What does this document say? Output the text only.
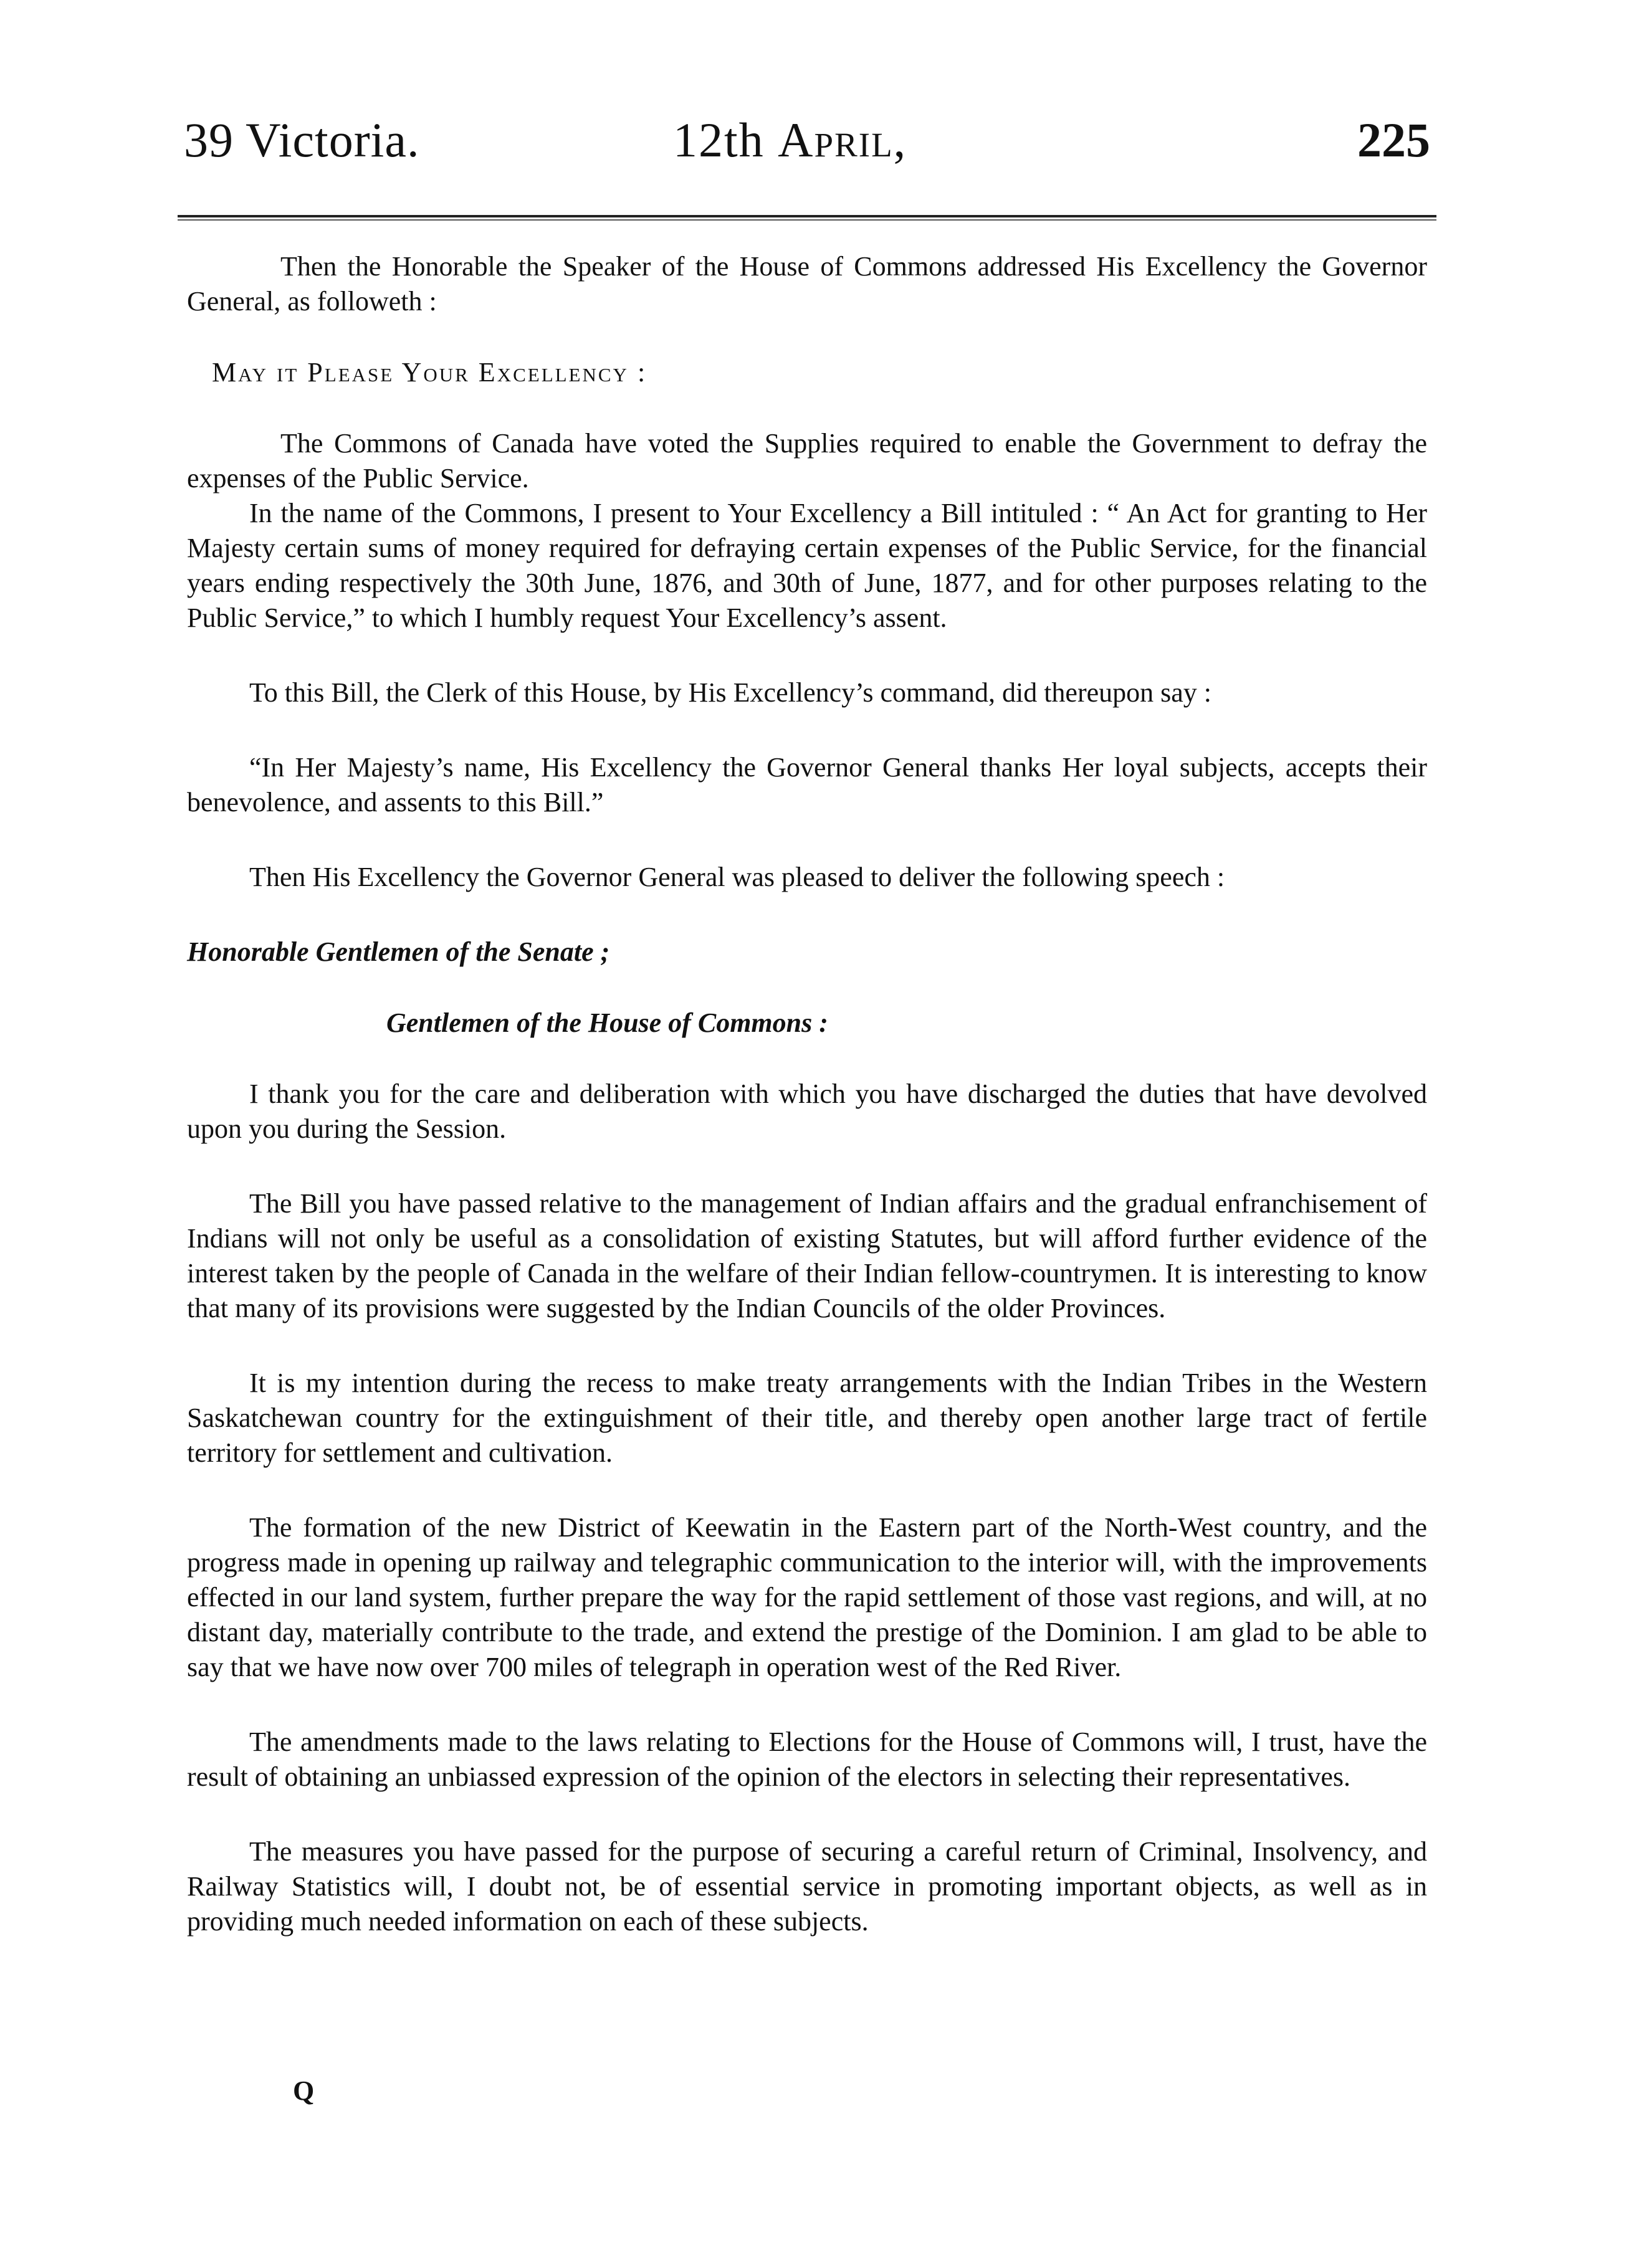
39 Victoria.	12th April,	225

Then the Honorable the Speaker of the House of Commons addressed His Excellency the Governor General, as followeth :

May it Please Your Excellency :

The Commons of Canada have voted the Supplies required to enable the Government to defray the expenses of the Public Service.

In the name of the Commons, I present to Your Excellency a Bill intituled : “ An Act for granting to Her Majesty certain sums of money required for defraying certain expenses of the Public Service, for the financial years ending respectively the 30th June, 1876, and 30th of June, 1877, and for other purposes relating to the Public Service,” to which I humbly request Your Excellency’s assent.

To this Bill, the Clerk of this House, by His Excellency’s command, did thereupon say :

“In Her Majesty’s name, His Excellency the Governor General thanks Her loyal subjects, accepts their benevolence, and assents to this Bill.”

Then His Excellency the Governor General was pleased to deliver the following speech :

Honorable Gentlemen of the Senate ;

Gentlemen of the House of Commons :

I thank you for the care and deliberation with which you have discharged the duties that have devolved upon you during the Session.

The Bill you have passed relative to the management of Indian affairs and the gradual enfranchisement of Indians will not only be useful as a consolidation of existing Statutes, but will afford further evidence of the interest taken by the people of Canada in the welfare of their Indian fellow-countrymen. It is interesting to know that many of its provisions were suggested by the Indian Councils of the older Provinces.

It is my intention during the recess to make treaty arrangements with the Indian Tribes in the Western Saskatchewan country for the extinguishment of their title, and thereby open another large tract of fertile territory for settlement and cultivation.

The formation of the new District of Keewatin in the Eastern part of the North-West country, and the progress made in opening up railway and telegraphic communication to the interior will, with the improvements effected in our land system, further prepare the way for the rapid settlement of those vast regions, and will, at no distant day, materially contribute to the trade, and extend the prestige of the Dominion. I am glad to be able to say that we have now over 700 miles of telegraph in operation west of the Red River.

The amendments made to the laws relating to Elections for the House of Commons will, I trust, have the result of obtaining an unbiassed expression of the opinion of the electors in selecting their representatives.

The measures you have passed for the purpose of securing a careful return of Criminal, Insolvency, and Railway Statistics will, I doubt not, be of essential service in promoting important objects, as well as in providing much needed information on each of these subjects.

Q
